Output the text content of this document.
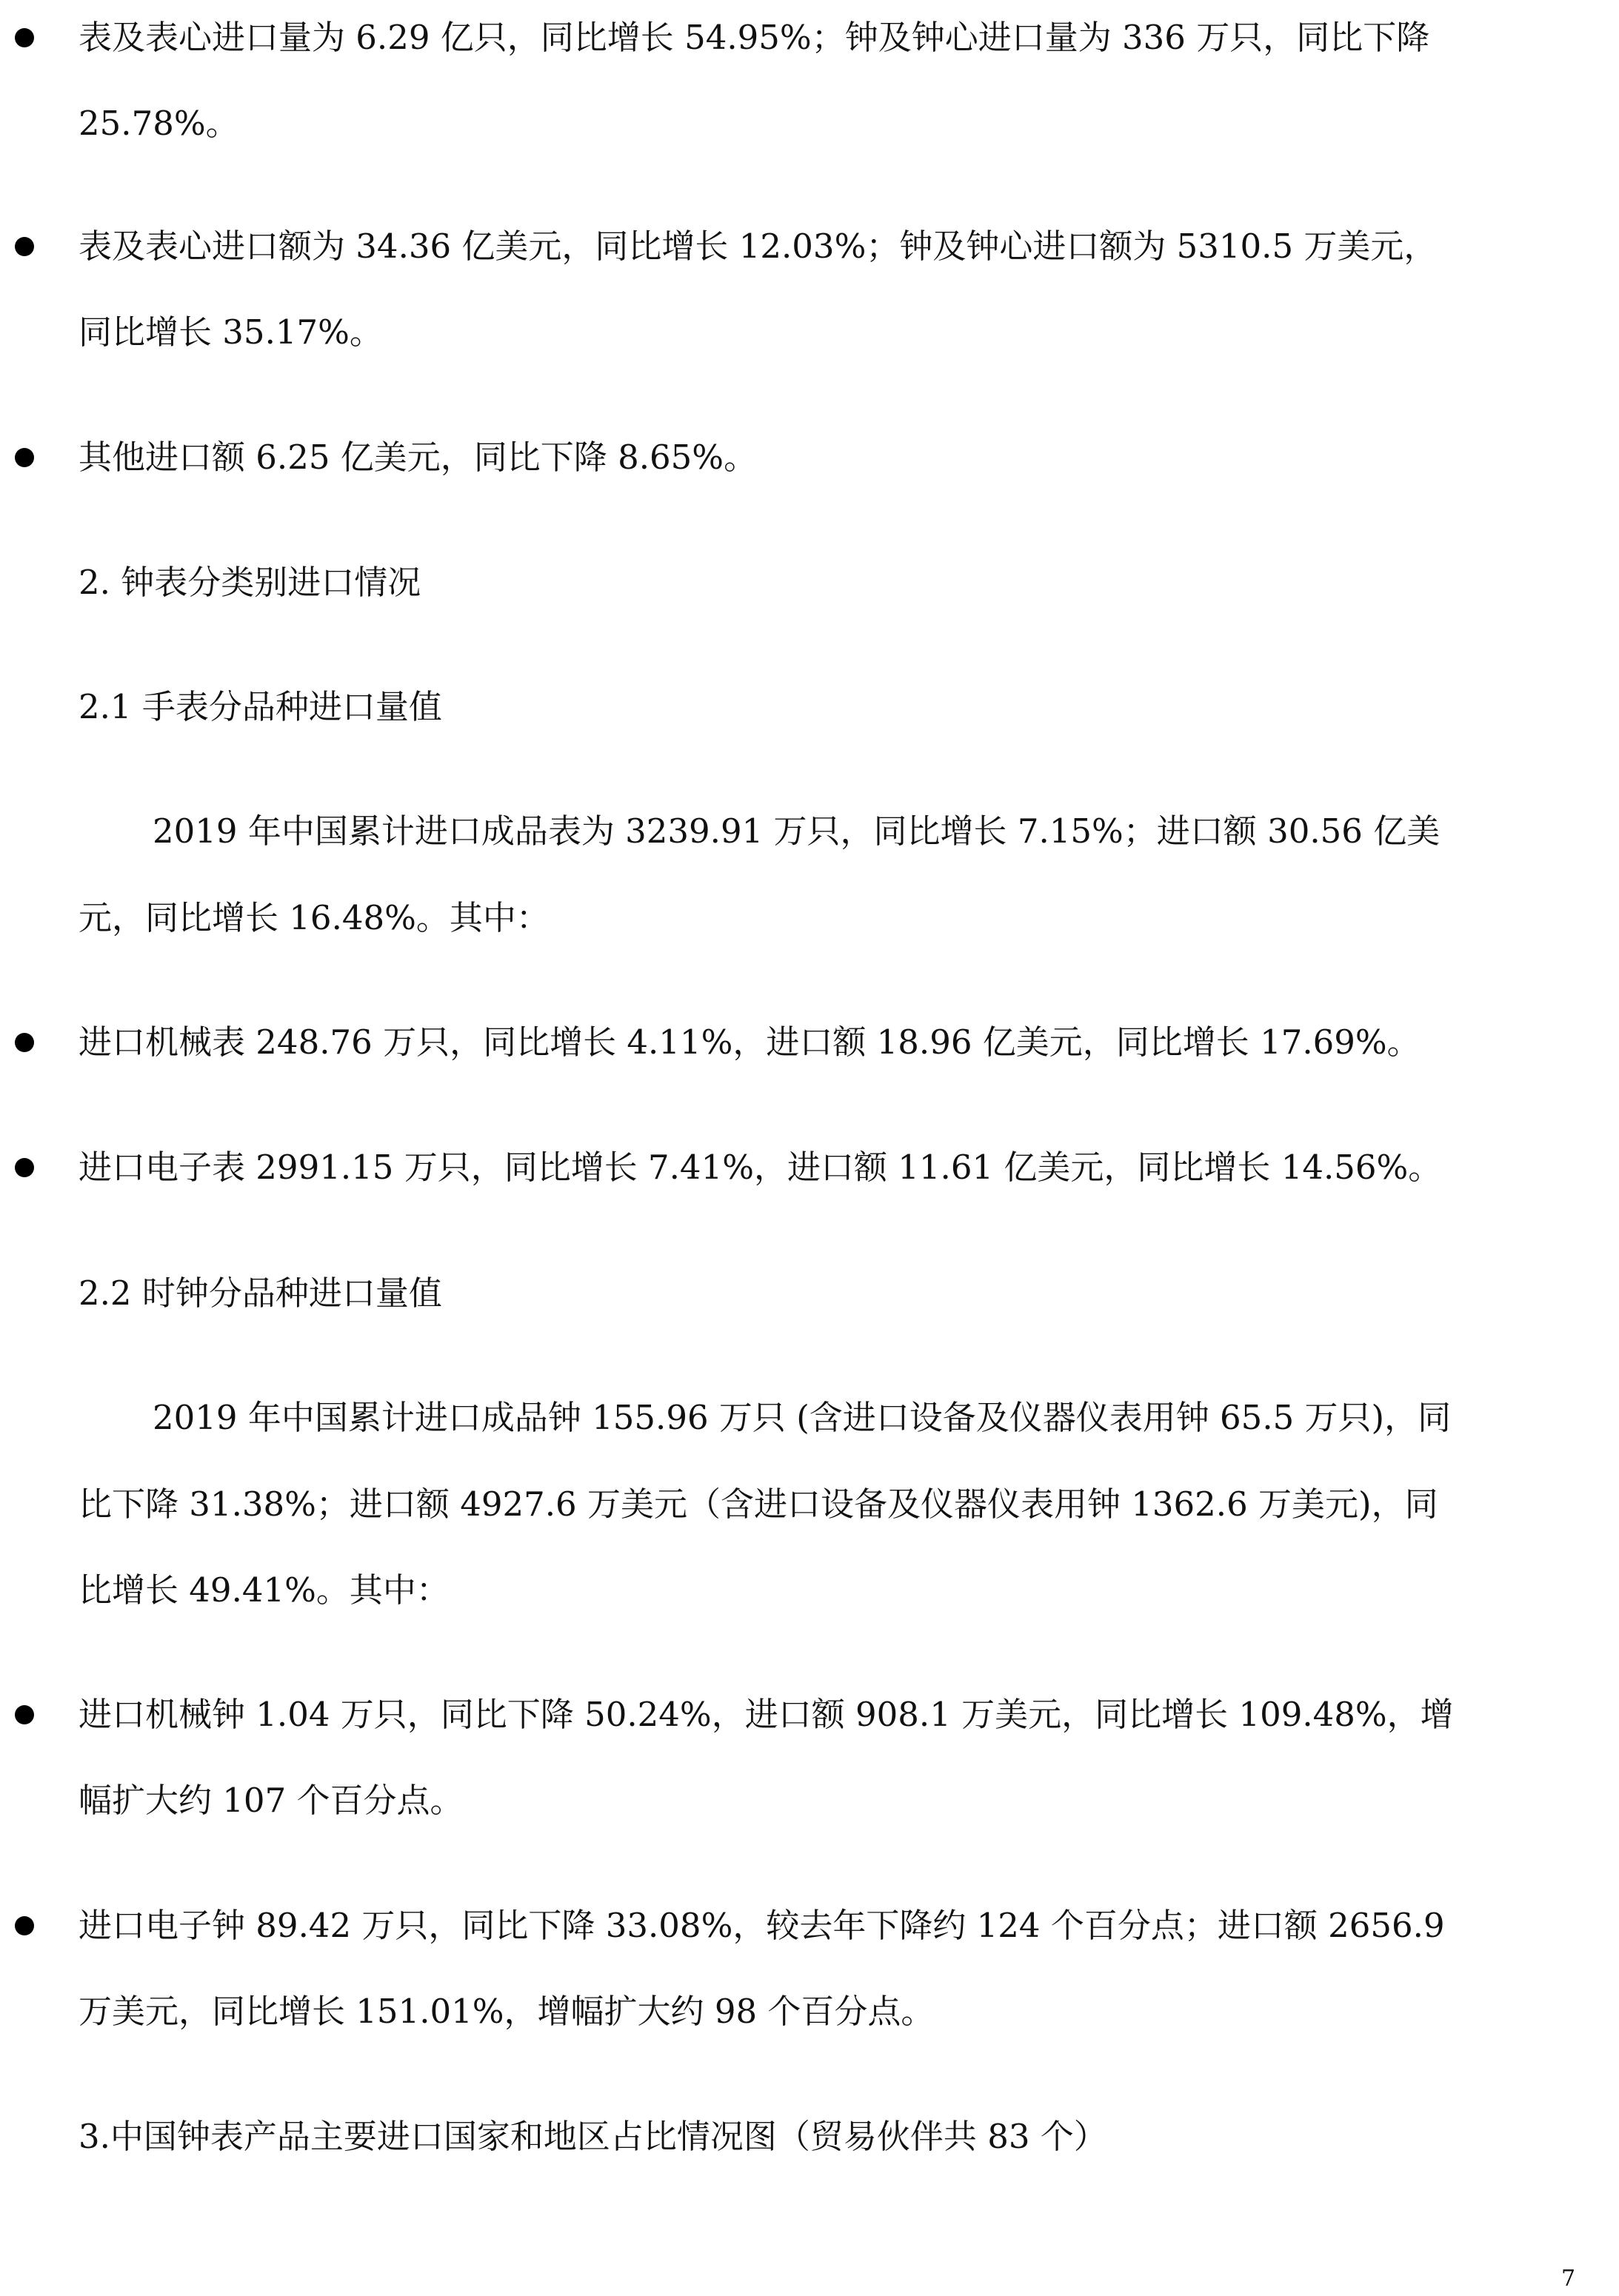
表及表心进口量为 6.29 亿只，同比增长 54.95%；钟及钟心进口量为 336 万只，同比下降
25.78%。
表及表心进口额为 34.36 亿美元，同比增长 12.03%；钟及钟心进口额为 5310.5 万美元，
同比增长 35.17%。
其他进口额 6.25 亿美元，同比下降 8.65%。
2. 钟表分类别进口情况
2.1 手表分品种进口量值
2019 年中国累计进口成品表为 3239.91 万只，同比增长 7.15%；进口额 30.56 亿美
元，同比增长 16.48%。其中：
进口机械表 248.76 万只，同比增长 4.11%，进口额 18.96 亿美元，同比增长 17.69%。
进口电子表 2991.15 万只，同比增长 7.41%，进口额 11.61 亿美元，同比增长 14.56%。
2.2 时钟分品种进口量值
2019 年中国累计进口成品钟 155.96 万只 (含进口设备及仪器仪表用钟 65.5 万只)，同
比下降 31.38%；进口额 4927.6 万美元（含进口设备及仪器仪表用钟 1362.6 万美元)，同
比增长 49.41%。其中：
进口机械钟 1.04 万只，同比下降 50.24%，进口额 908.1 万美元，同比增长 109.48%，增
幅扩大约 107 个百分点。
进口电子钟 89.42 万只，同比下降 33.08%，较去年下降约 124 个百分点；进口额 2656.9
万美元，同比增长 151.01%，增幅扩大约 98 个百分点。
3.中国钟表产品主要进口国家和地区占比情况图（贸易伙伴共 83 个）
7
